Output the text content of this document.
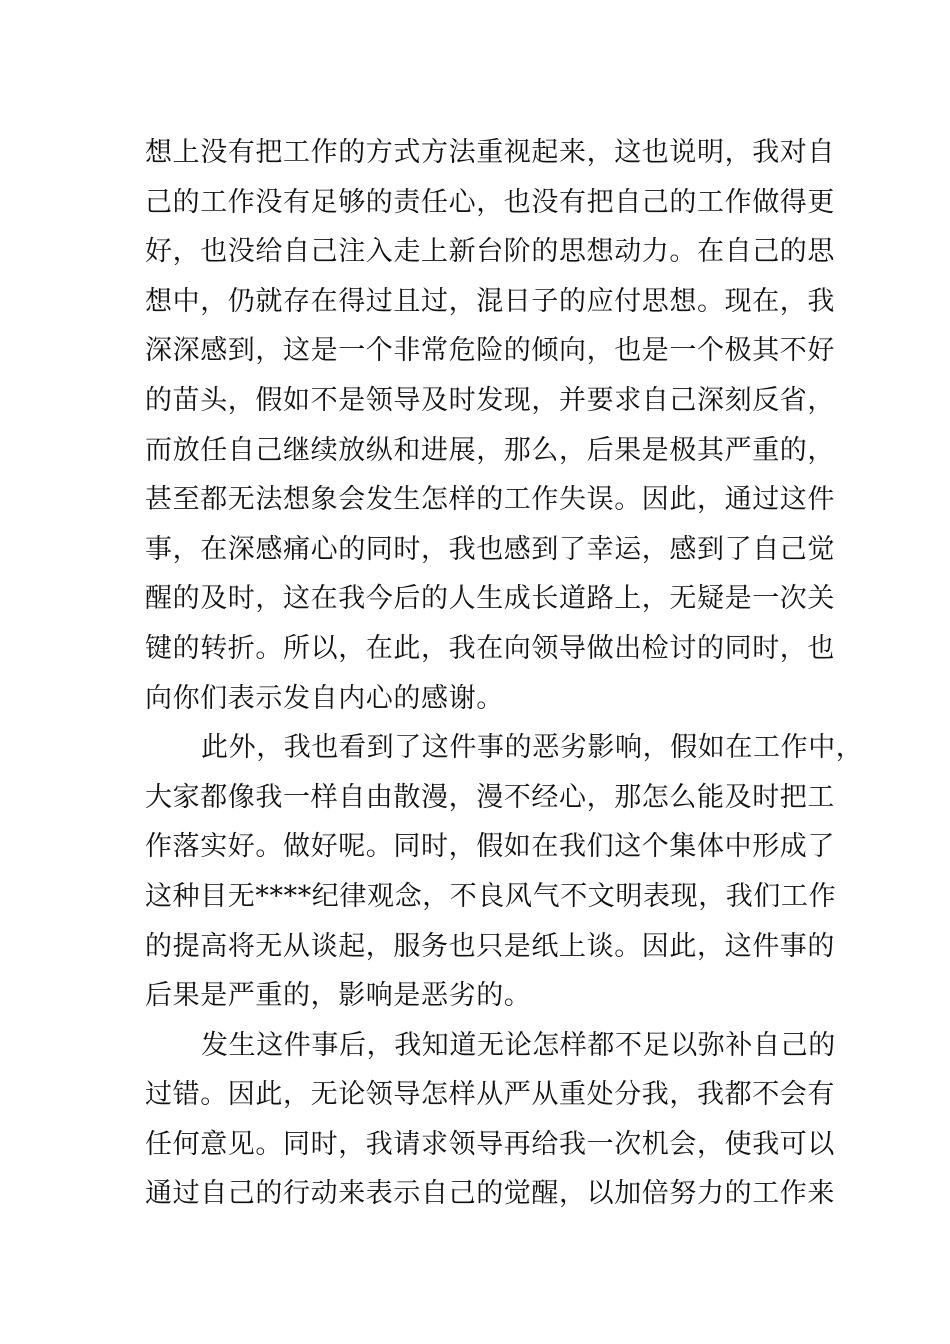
想上没有把工作的方式方法重视起来，这也说明，我对自
己的工作没有足够的责任心，也没有把自己的工作做得更
好，也没给自己注入走上新台阶的思想动力。在自己的思
想中，仍就存在得过且过，混日子的应付思想。现在，我
深深感到，这是一个非常危险的倾向，也是一个极其不好
的苗头，假如不是领导及时发现，并要求自己深刻反省，
而放任自己继续放纵和进展，那么，后果是极其严重的，
甚至都无法想象会发生怎样的工作失误。因此，通过这件
事，在深感痛心的同时，我也感到了幸运，感到了自己觉
醒的及时，这在我今后的人生成长道路上，无疑是一次关
键的转折。所以，在此，我在向领导做出检讨的同时，也
向你们表示发自内心的感谢。
此外，我也看到了这件事的恶劣影响，假如在工作中，
大家都像我一样自由散漫，漫不经心，那怎么能及时把工
作落实好。做好呢。同时，假如在我们这个集体中形成了
这种目无****纪律观念，不良风气不文明表现，我们工作
的提高将无从谈起，服务也只是纸上谈。因此，这件事的
后果是严重的，影响是恶劣的。
发生这件事后，我知道无论怎样都不足以弥补自己的
过错。因此，无论领导怎样从严从重处分我，我都不会有
任何意见。同时，我请求领导再给我一次机会，使我可以
通过自己的行动来表示自己的觉醒，以加倍努力的工作来
